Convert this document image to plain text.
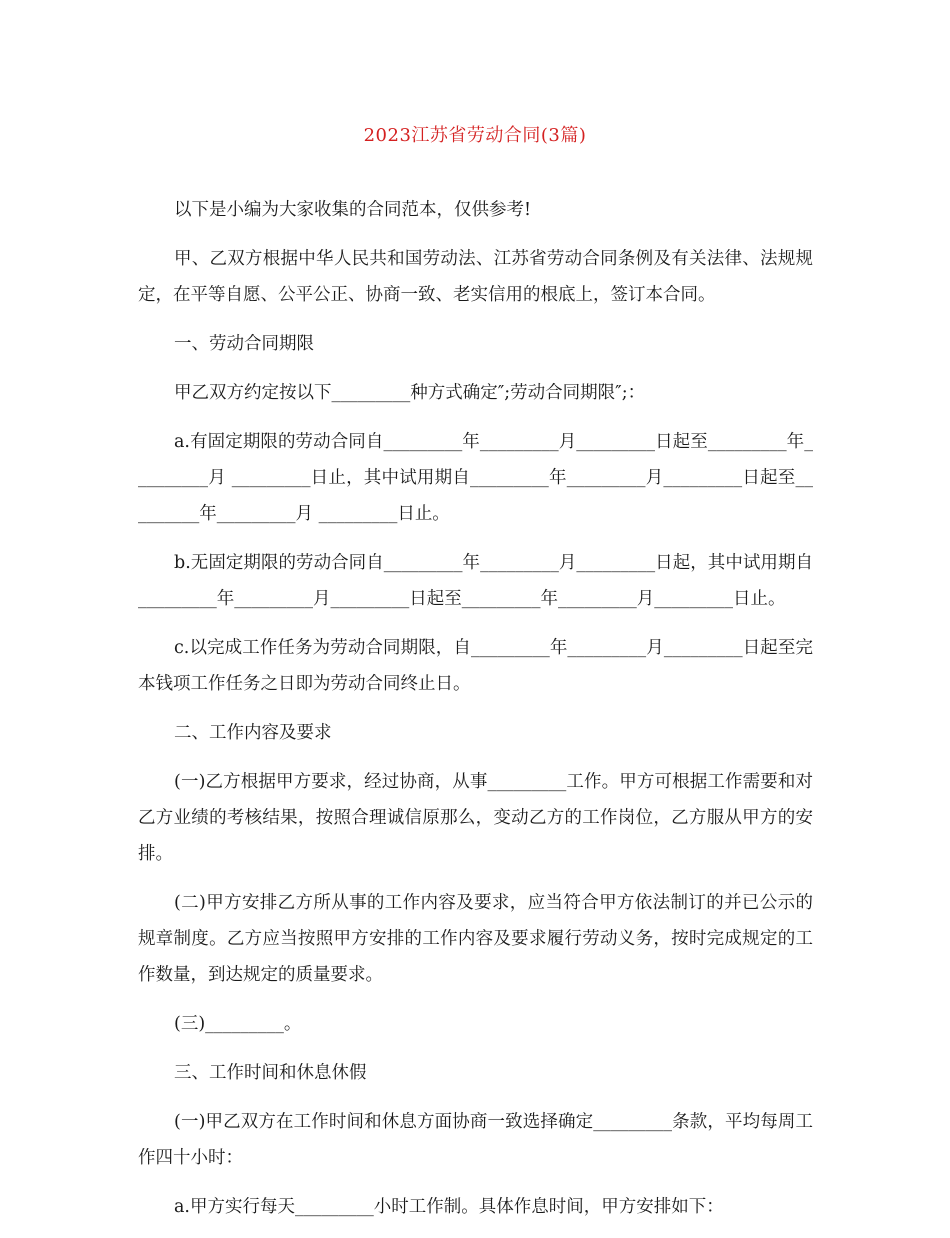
2023江苏省劳动合同(3篇)

以下是小编为大家收集的合同范本，仅供参考!

甲、乙双方根据中华人民共和国劳动法、江苏省劳动合同条例及有关法律、法规规定，在平等自愿、公平公正、协商一致、老实信用的根底上，签订本合同。

一、劳动合同期限

甲乙双方约定按以下_________种方式确定″;劳动合同期限″;：

a.有固定期限的劳动合同自_________年_________月_________日起至_________年_________月 _________日止，其中试用期自_________年_________月_________日起至_________年_________月 _________日止。

b.无固定期限的劳动合同自_________年_________月_________日起，其中试用期自_________年_________月_________日起至_________年_________月_________日止。

c.以完成工作任务为劳动合同期限，自_________年_________月_________日起至完本钱项工作任务之日即为劳动合同终止日。

二、工作内容及要求

(一)乙方根据甲方要求，经过协商，从事_________工作。甲方可根据工作需要和对乙方业绩的考核结果，按照合理诚信原那么，变动乙方的工作岗位，乙方服从甲方的安排。

(二)甲方安排乙方所从事的工作内容及要求，应当符合甲方依法制订的并已公示的规章制度。乙方应当按照甲方安排的工作内容及要求履行劳动义务，按时完成规定的工作数量，到达规定的质量要求。

(三)_________。

三、工作时间和休息休假

(一)甲乙双方在工作时间和休息方面协商一致选择确定_________条款，平均每周工作四十小时：

a.甲方实行每天_________小时工作制。具体作息时间，甲方安排如下：
